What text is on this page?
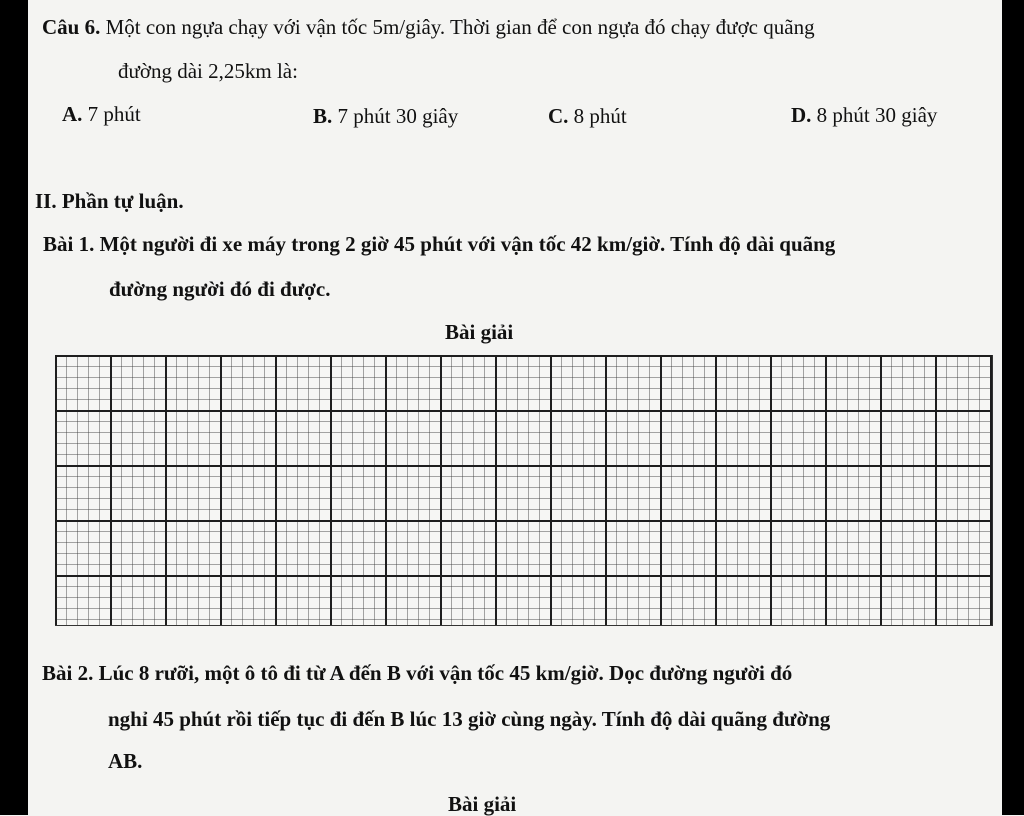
Câu 6. Một con ngựa chạy với vận tốc 5m/giây. Thời gian để con ngựa đó chạy được quãng
đường dài 2,25km là:
A. 7 phút	B. 7 phút 30 giây	C. 8 phút	D. 8 phút 30 giây
II. Phần tự luận.
Bài 1. Một người đi xe máy trong 2 giờ 45 phút với vận tốc 42 km/giờ. Tính độ dài quãng
đường người đó đi được.
Bài giải
Bài 2. Lúc 8 rưỡi, một ô tô đi từ A đến B với vận tốc 45 km/giờ. Dọc đường người đó
nghỉ 45 phút rồi tiếp tục đi đến B lúc 13 giờ cùng ngày. Tính độ dài quãng đường
AB.
Bài giải
